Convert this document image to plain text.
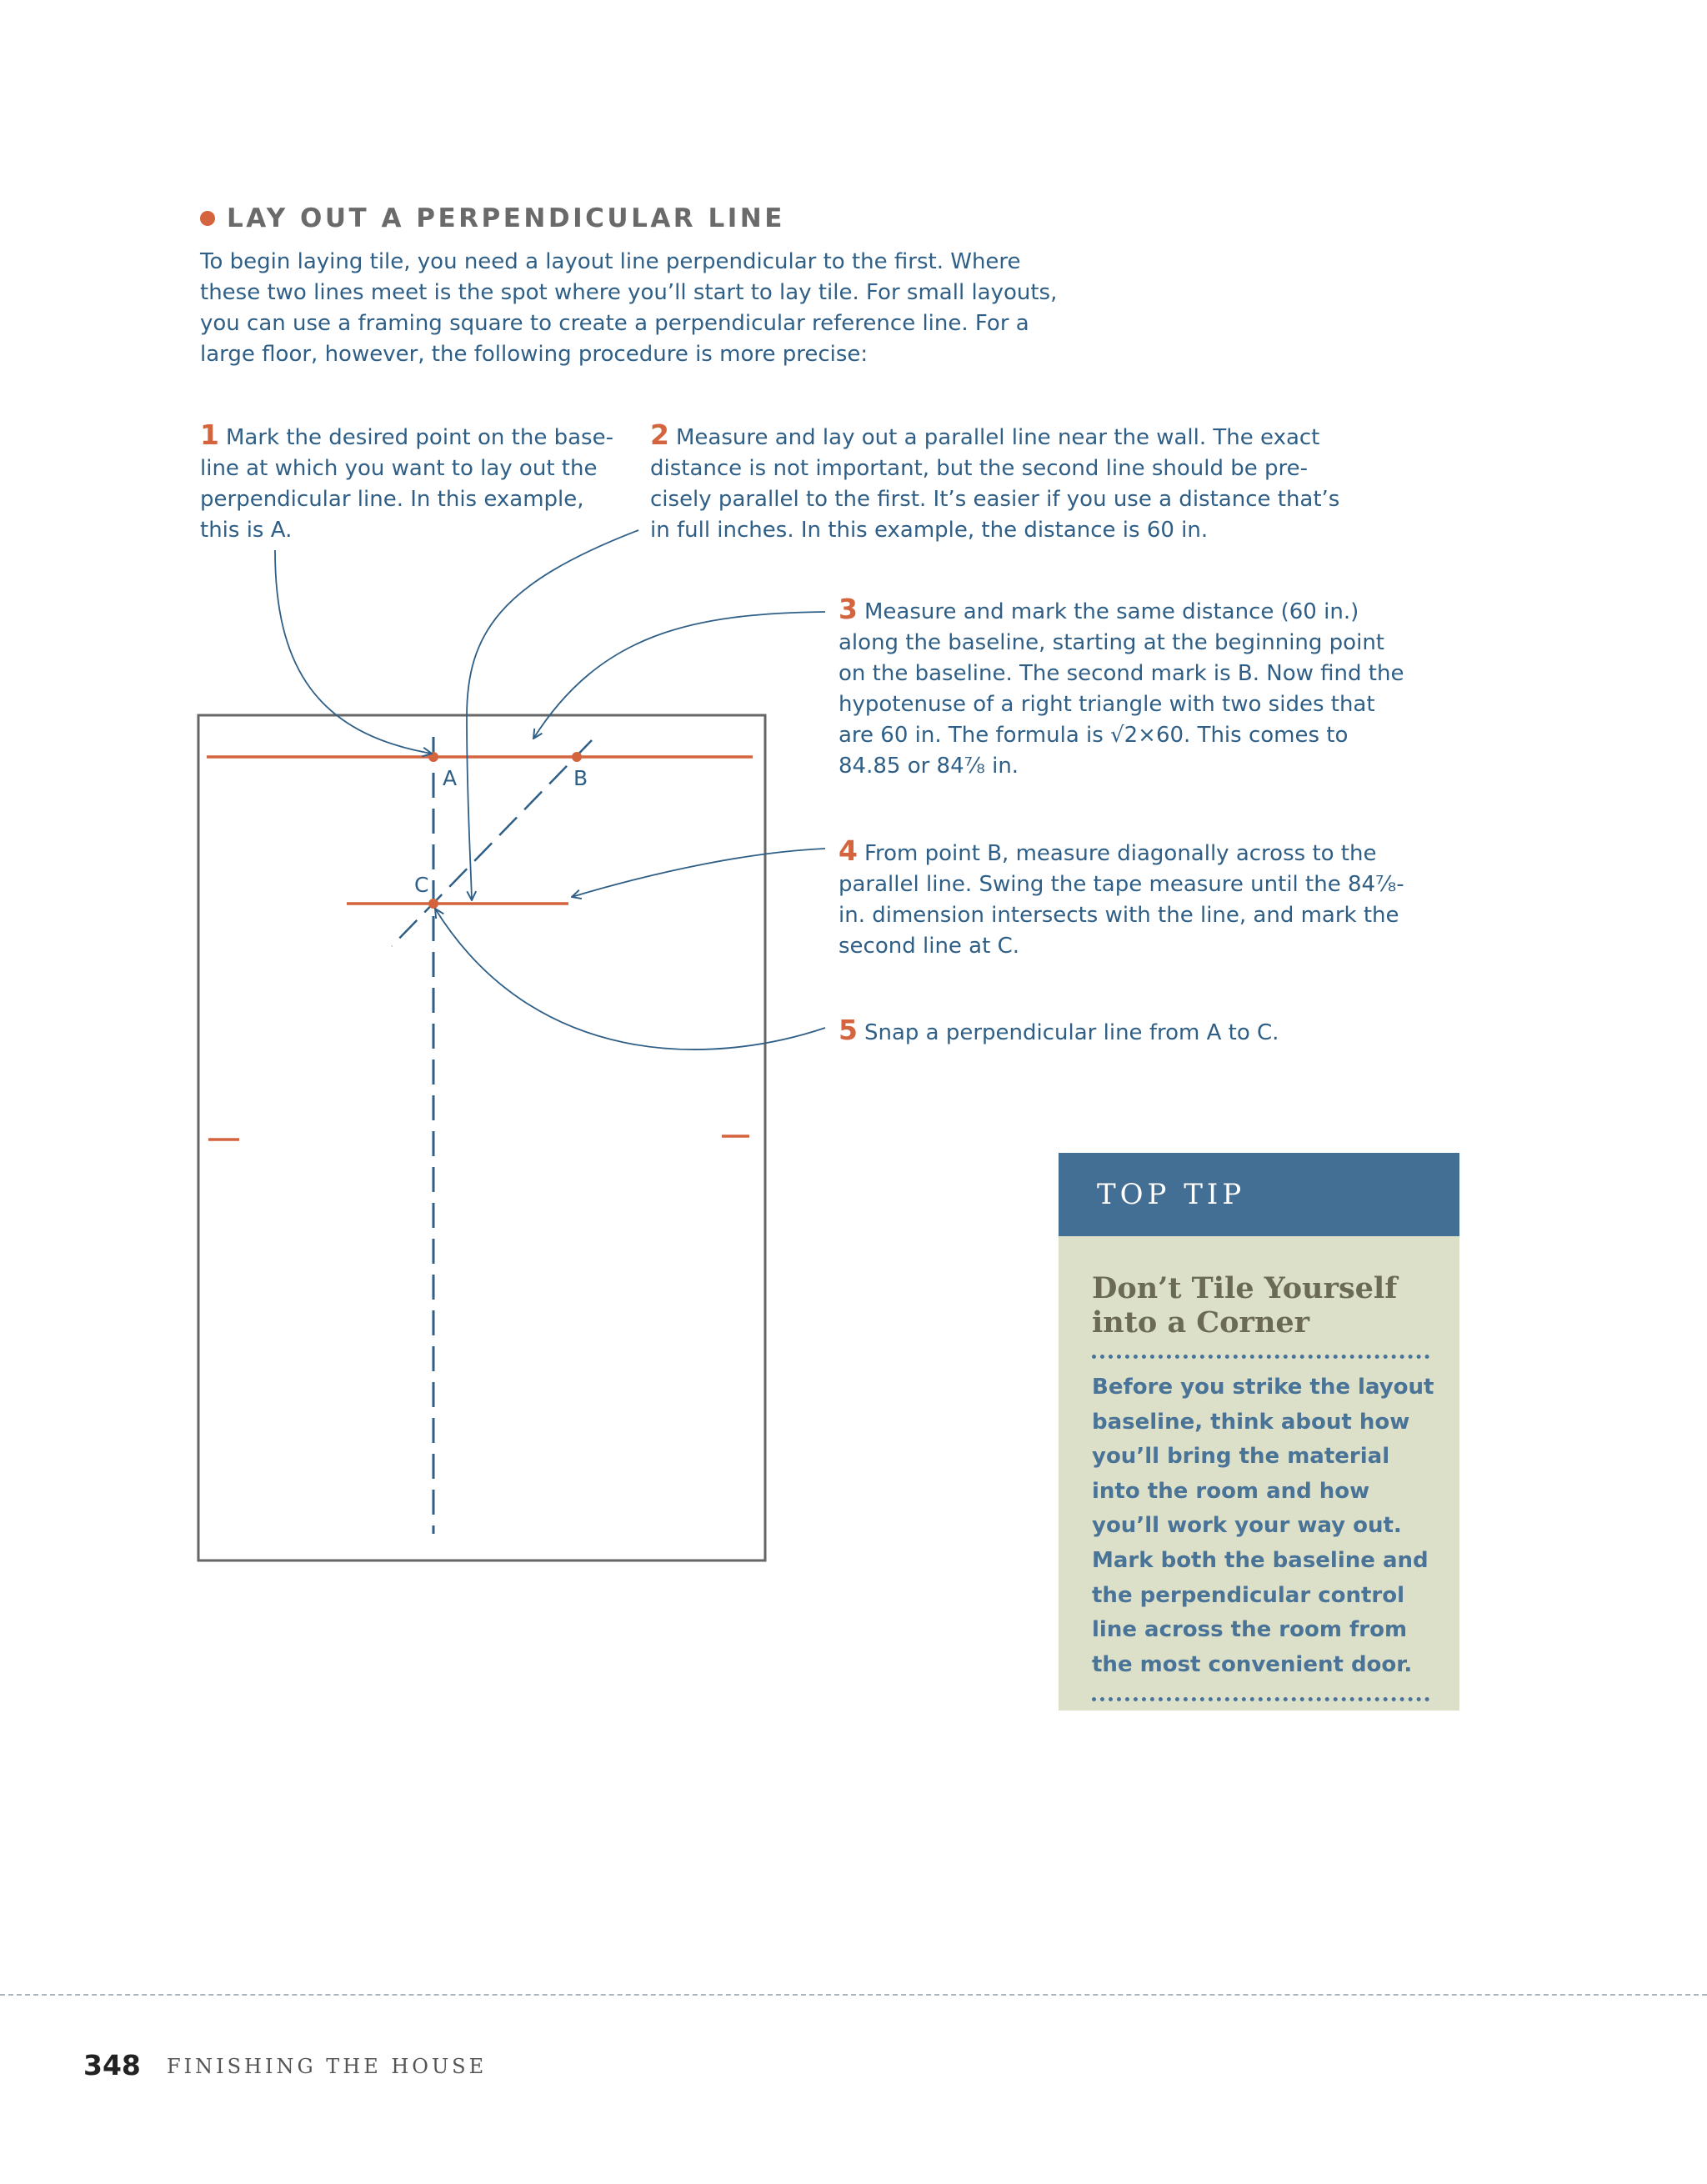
LAY OUT A PERPENDICULAR LINE

To begin laying tile, you need a layout line perpendicular to the first. Where these two lines meet is the spot where you’ll start to lay tile. For small layouts, you can use a framing square to create a perpendicular reference line. For a large floor, however, the following procedure is more precise:

1 Mark the desired point on the base-line at which you want to lay out the perpendicular line. In this example, this is A.

2 Measure and lay out a parallel line near the wall. The exact distance is not important, but the second line should be pre-cisely parallel to the first. It’s easier if you use a distance that’s in full inches. In this example, the distance is 60 in.

3 Measure and mark the same distance (60 in.) along the baseline, starting at the beginning point on the baseline. The second mark is B. Now find the hypotenuse of a right triangle with two sides that are 60 in. The formula is √2×60. This comes to 84.85 or 84⅞ in.

4 From point B, measure diagonally across to the parallel line. Swing the tape measure until the 84⅞-in. dimension intersects with the line, and mark the second line at C.

5 Snap a perpendicular line from A to C.

A	B
C
TOP TIP
Don’t Tile Yourself into a Corner
Before you strike the layout baseline, think about how you’ll bring the material into the room and how you’ll work your way out. Mark both the baseline and the perpendicular control line across the room from the most convenient door.
348 FINISHING THE HOUSE
